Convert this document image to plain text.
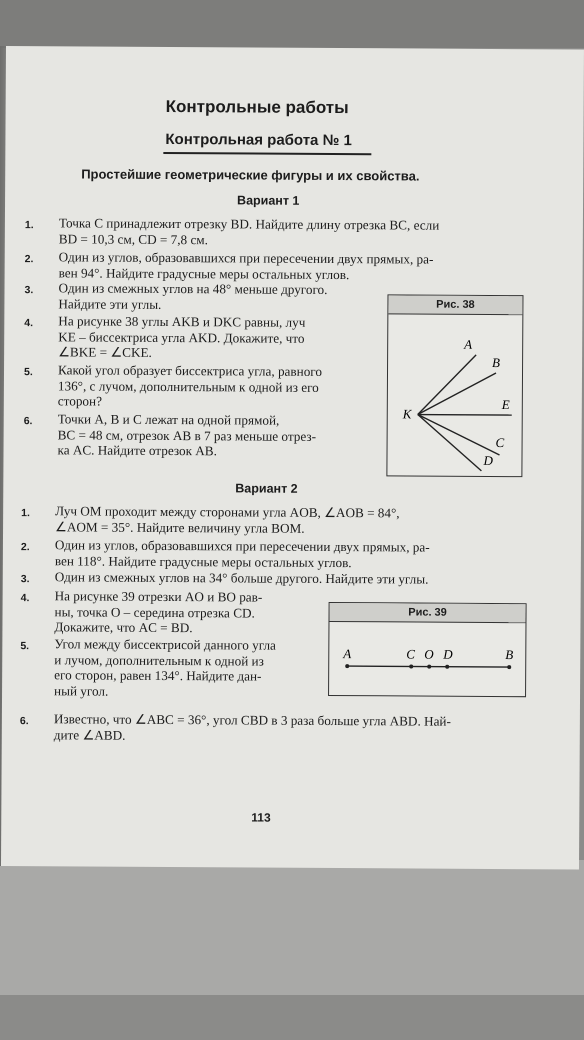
Контрольные работы
Контрольная работа № 1
Простейшие геометрические фигуры и их свойства.
Вариант 1
1. Точка C принадлежит отрезку BD. Найдите длину отрезка BC, если
BD = 10,3 см, CD = 7,8 см.
2. Один из углов, образовавшихся при пересечении двух прямых, ра-
вен 94°. Найдите градусные меры остальных углов.
3. Один из смежных углов на 48° меньше другого.
Найдите эти углы.
4. На рисунке 38 углы AKB и DKC равны, луч
KE – биссектриса угла AKD. Докажите, что
∠BKE = ∠CKE.
5. Какой угол образует биссектриса угла, равного
136°, с лучом, дополнительным к одной из его
сторон?
6. Точки A, B и C лежат на одной прямой,
BC = 48 см, отрезок AB в 7 раз меньше отрез-
ка AC. Найдите отрезок AB.
Рис. 38
K
A
B
E
C
D
Вариант 2
1. Луч OM проходит между сторонами угла AOB, ∠AOB = 84°,
∠AOM = 35°. Найдите величину угла BOM.
2. Один из углов, образовавшихся при пересечении двух прямых, ра-
вен 118°. Найдите градусные меры остальных углов.
3. Один из смежных углов на 34° больше другого. Найдите эти углы.
4. На рисунке 39 отрезки AO и BO рав-
ны, точка O – середина отрезка CD.
Докажите, что AC = BD.
5. Угол между биссектрисой данного угла
и лучом, дополнительным к одной из
его сторон, равен 134°. Найдите дан-
ный угол.
6. Известно, что ∠ABC = 36°, угол CBD в 3 раза больше угла ABD. Най-
дите ∠ABD.
Рис. 39
A	C O D	B
113
